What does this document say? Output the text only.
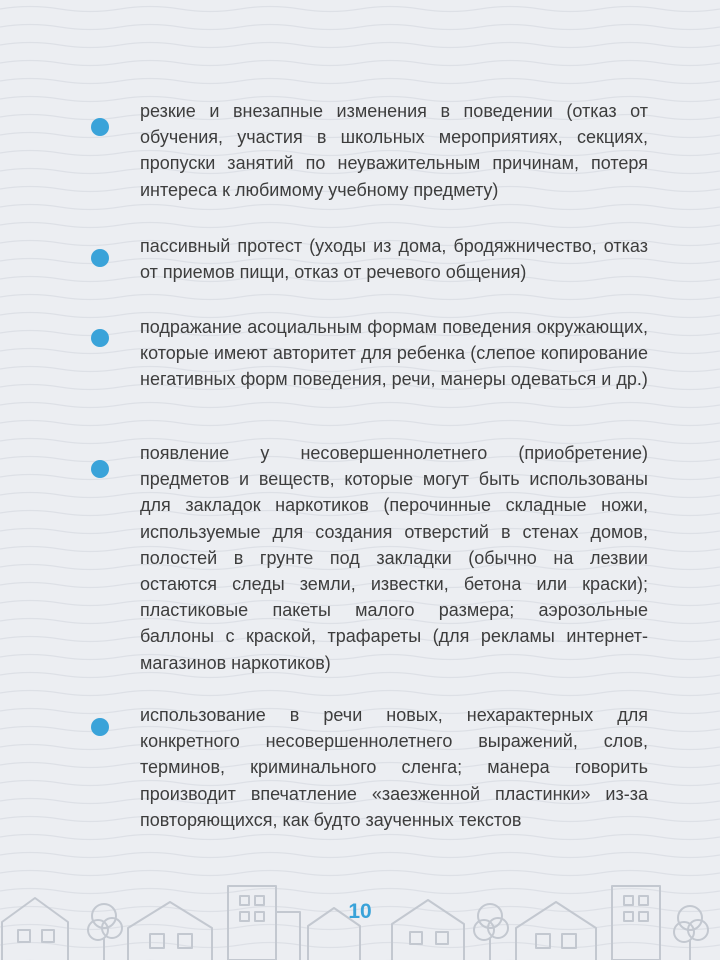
резкие и внезапные изменения в поведении (отказ от обучения, участия в школьных мероприятиях, секциях, пропуски занятий по неуважительным причинам, потеря интереса к любимому учебному предмету)

пассивный протест (уходы из дома, бродяжничество, отказ от приемов пищи, отказ от речевого общения)

подражание асоциальным формам поведения окружающих, которые имеют авторитет для ребенка (слепое копирование негативных форм поведения, речи, манеры одеваться и др.)

появление у несовершеннолетнего (приобретение) предметов и веществ, которые могут быть использованы для закладок наркотиков (перочинные складные ножи, используемые для создания отверстий в стенах домов, полостей в грунте под закладки (обычно на лезвии остаются следы земли, известки, бетона или краски); пластиковые пакеты малого размера; аэрозольные баллоны с краской, трафареты (для рекламы интернет-магазинов наркотиков)

использование в речи новых, нехарактерных для конкретного несовершеннолетнего выражений, слов, терминов, криминального сленга; манера говорить производит впечатление «заезженной пластинки» из-за повторяющихся, как будто заученных текстов

10
